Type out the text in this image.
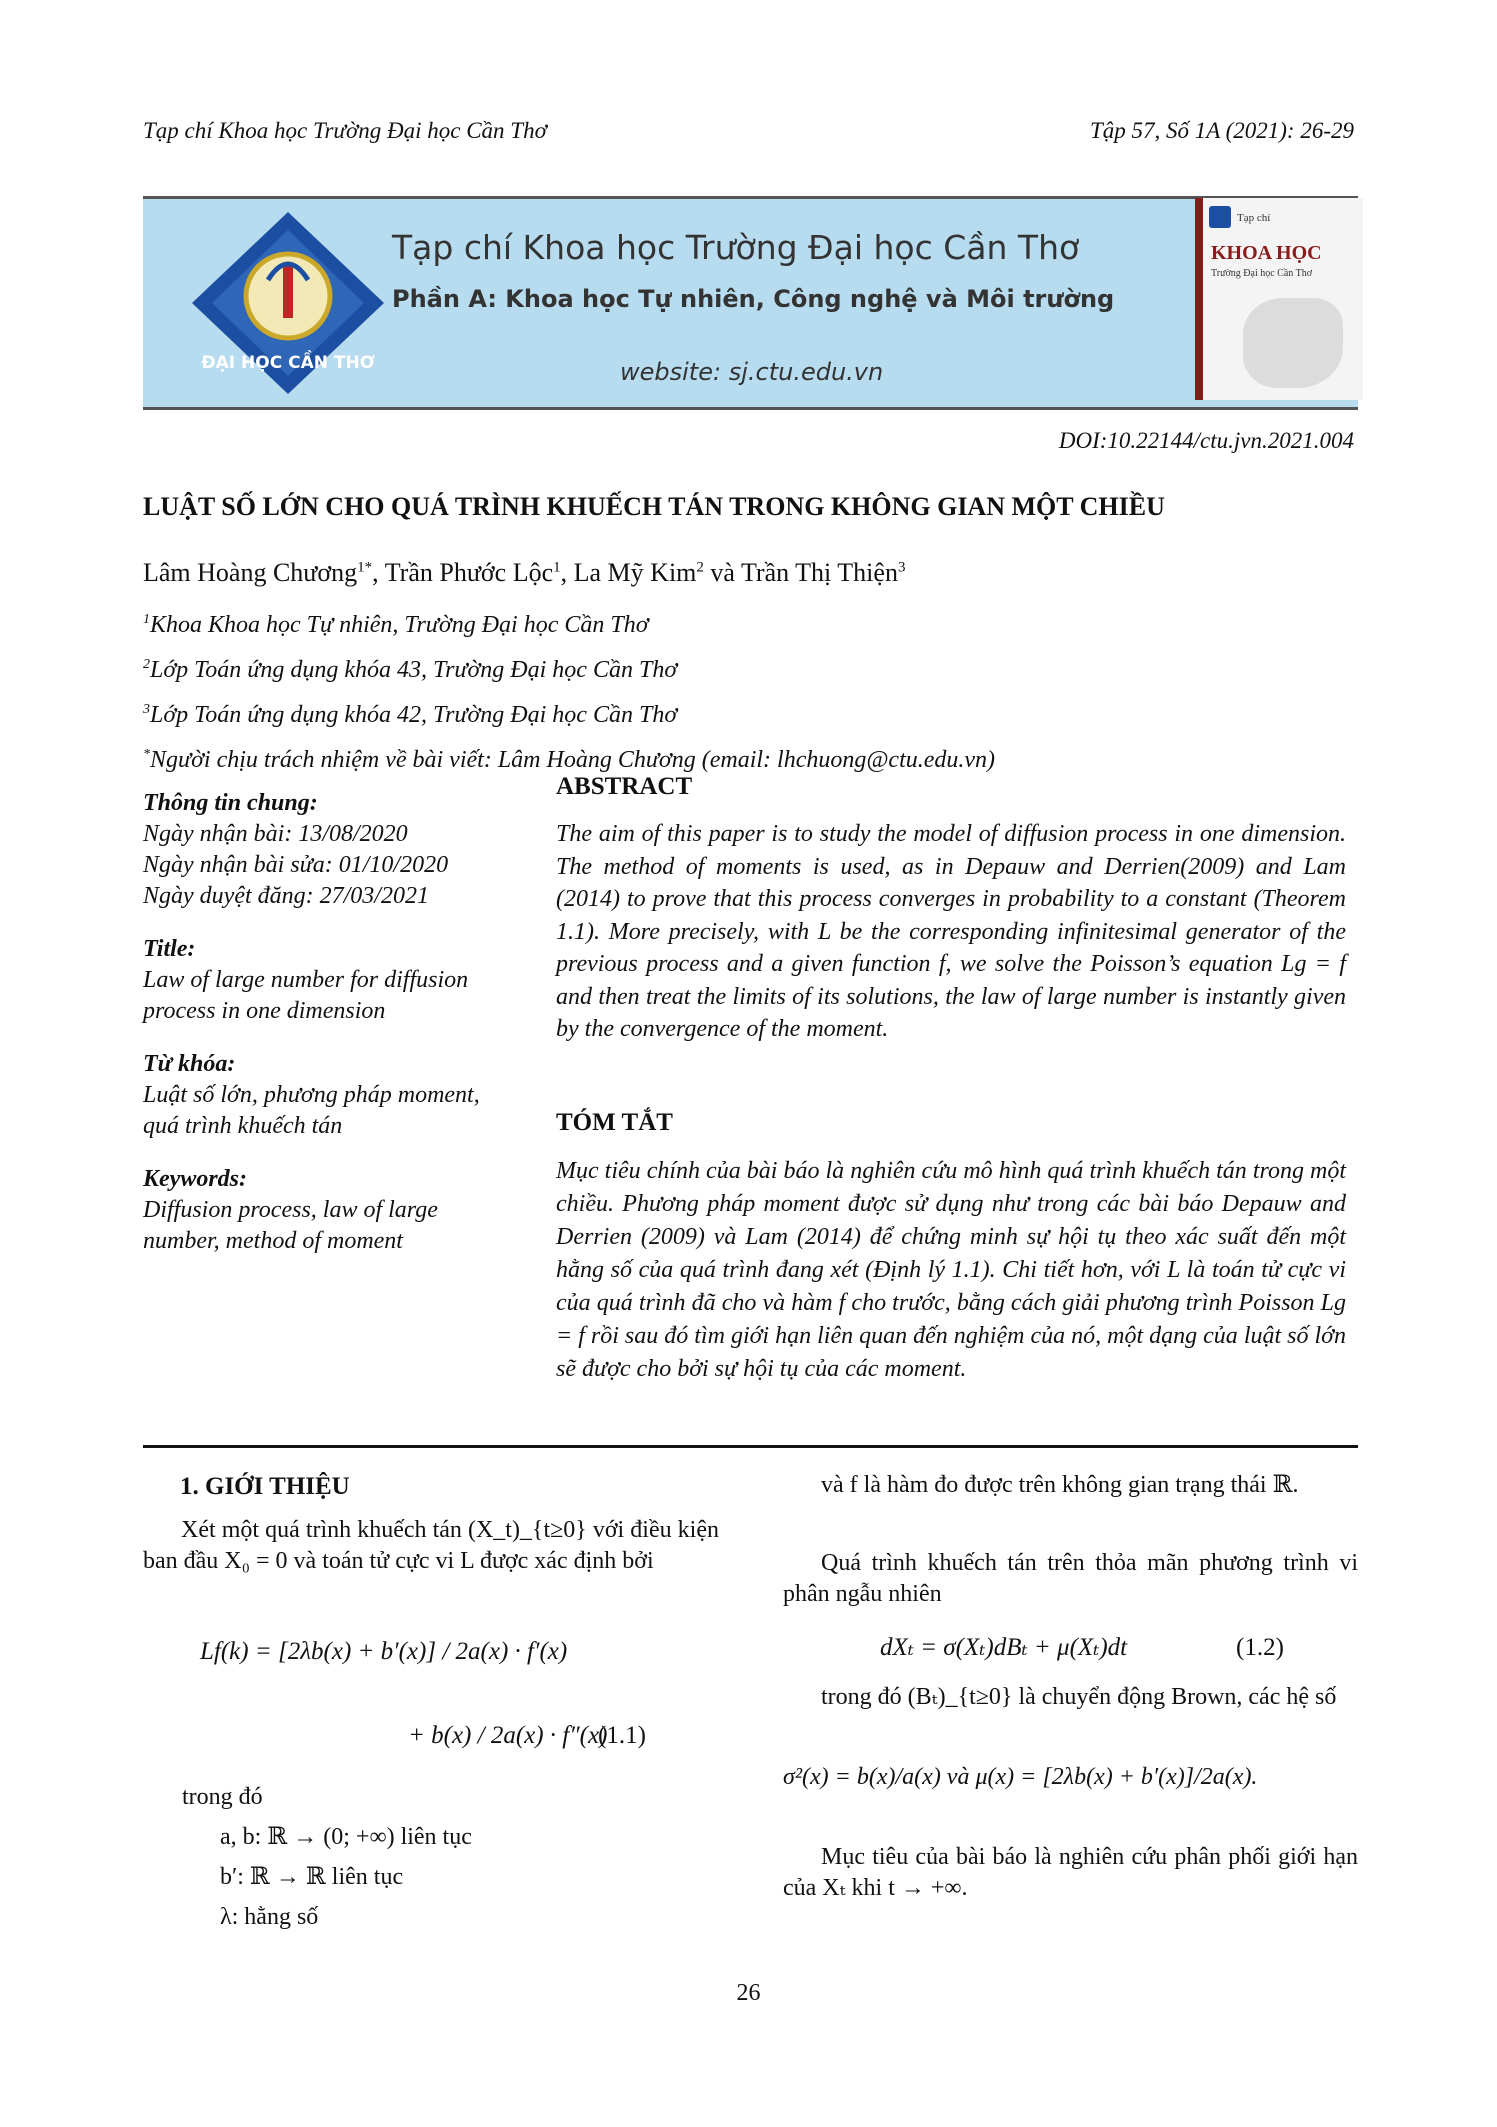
Tạp chí Khoa học Trường Đại học Cần Thơ	Tập 57, Số 1A (2021): 26-29
ĐẠI HỌC CẦN THƠ
Tạp chí Khoa học Trường Đại học Cần Thơ
Phần A: Khoa học Tự nhiên, Công nghệ và Môi trường
website: sj.ctu.edu.vn
Tạp chí
KHOA HỌC
Trường Đại học Cần Thơ
DOI:10.22144/ctu.jvn.2021.004
LUẬT SỐ LỚN CHO QUÁ TRÌNH KHUẾCH TÁN TRONG KHÔNG GIAN MỘT CHIỀU
Lâm Hoàng Chương$^{1*}$, Trần Phước Lộc$^1$, La Mỹ Kim$^2$ và Trần Thị Thiện$^3$
$^1$Khoa Khoa học Tự nhiên, Trường Đại học Cần Thơ
$^2$Lớp Toán ứng dụng khóa 43, Trường Đại học Cần Thơ
$^3$Lớp Toán ứng dụng khóa 42, Trường Đại học Cần Thơ
*Người chịu trách nhiệm về bài viết: Lâm Hoàng Chương (email: lhchuong@ctu.edu.vn)
Thông tin chung:
Ngày nhận bài: 13/08/2020
Ngày nhận bài sửa: 01/10/2020
Ngày duyệt đăng: 27/03/2021
Title:
Law of large number for diffusion process in one dimension
Từ khóa:
Luật số lớn, phương pháp moment, quá trình khuếch tán
Keywords:
Diffusion process, law of large number, method of moment
ABSTRACT
The aim of this paper is to study the model of diffusion process in one dimension. The method of moments is used, as in Depauw and Derrien(2009) and Lam (2014) to prove that this process converges in probability to a constant (Theorem 1.1). More precisely, with L be the corresponding infinitesimal generator of the previous process and a given function f, we solve the Poisson’s equation Lg = f and then treat the limits of its solutions, the law of large number is instantly given by the convergence of the moment.
TÓM TẮT
Mục tiêu chính của bài báo là nghiên cứu mô hình quá trình khuếch tán trong một chiều. Phương pháp moment được sử dụng như trong các bài báo Depauw and Derrien (2009) và Lam (2014) để chứng minh sự hội tụ theo xác suất đến một hằng số của quá trình đang xét (Định lý 1.1). Chi tiết hơn, với L là toán tử cực vi của quá trình đã cho và hàm f cho trước, bằng cách giải phương trình Poisson Lg = f rồi sau đó tìm giới hạn liên quan đến nghiệm của nó, một dạng của luật số lớn sẽ được cho bởi sự hội tụ của các moment.
1. GIỚI THIỆU
Xét một quá trình khuếch tán (X_t)_{t≥0} với điều kiện ban đầu X₀ = 0 và toán tử cực vi L được xác định bởi
Lf(k) = [2λb(x) + b′(x)] / 2a(x) · f′(x)
+ b(x) / 2a(x) · f″(x)
(1.1)
trong đó
a, b: ℝ → (0; +∞) liên tục
b′: ℝ → ℝ liên tục
λ: hằng số
và f là hàm đo được trên không gian trạng thái ℝ.
Quá trình khuếch tán trên thỏa mãn phương trình vi phân ngẫu nhiên
dXₜ = σ(Xₜ)dBₜ + μ(Xₜ)dt	(1.2)
trong đó (Bₜ)_{t≥0} là chuyển động Brown, các hệ số
σ²(x) = b(x)/a(x) và μ(x) = [2λb(x) + b′(x)]/2a(x).
Mục tiêu của bài báo là nghiên cứu phân phối giới hạn của Xₜ khi t → +∞.
26
